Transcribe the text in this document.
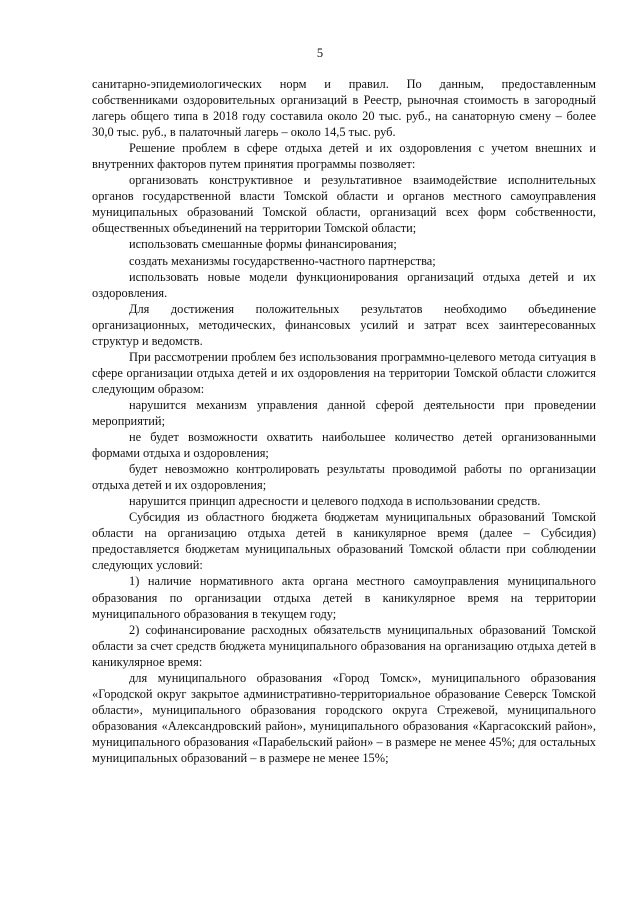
5

санитарно-эпидемиологических норм и правил. По данным, предоставленным собственниками оздоровительных организаций в Реестр, рыночная стоимость в загородный лагерь общего типа в 2018 году составила около 20 тыс. руб., на санаторную смену – более 30,0 тыс. руб., в палаточный лагерь – около 14,5 тыс. руб.

Решение проблем в сфере отдыха детей и их оздоровления с учетом внешних и внутренних факторов путем принятия программы позволяет:

организовать конструктивное и результативное взаимодействие исполнительных органов государственной власти Томской области и органов местного самоуправления муниципальных образований Томской области, организаций всех форм собственности, общественных объединений на территории Томской области;

использовать смешанные формы финансирования;

создать механизмы государственно-частного партнерства;

использовать новые модели функционирования организаций отдыха детей и их оздоровления.

Для достижения положительных результатов необходимо объединение организационных, методических, финансовых усилий и затрат всех заинтересованных структур и ведомств.

При рассмотрении проблем без использования программно-целевого метода ситуация в сфере организации отдыха детей и их оздоровления на территории Томской области сложится следующим образом:

нарушится механизм управления данной сферой деятельности при проведении мероприятий;

не будет возможности охватить наибольшее количество детей организованными формами отдыха и оздоровления;

будет невозможно контролировать результаты проводимой работы по организации отдыха детей и их оздоровления;

нарушится принцип адресности и целевого подхода в использовании средств.

Субсидия из областного бюджета бюджетам муниципальных образований Томской области на организацию отдыха детей в каникулярное время (далее – Субсидия) предоставляется бюджетам муниципальных образований Томской области при соблюдении следующих условий:

1) наличие нормативного акта органа местного самоуправления муниципального образования по организации отдыха детей в каникулярное время на территории муниципального образования в текущем году;

2) софинансирование расходных обязательств муниципальных образований Томской области за счет средств бюджета муниципального образования на организацию отдыха детей в каникулярное время:

для муниципального образования «Город Томск», муниципального образования «Городской округ закрытое административно-территориальное образование Северск Томской области», муниципального образования городского округа Стрежевой, муниципального образования «Александровский район», муниципального образования «Каргасокский район», муниципального образования «Парабельский район» – в размере не менее 45%; для остальных муниципальных образований – в размере не менее 15%;
